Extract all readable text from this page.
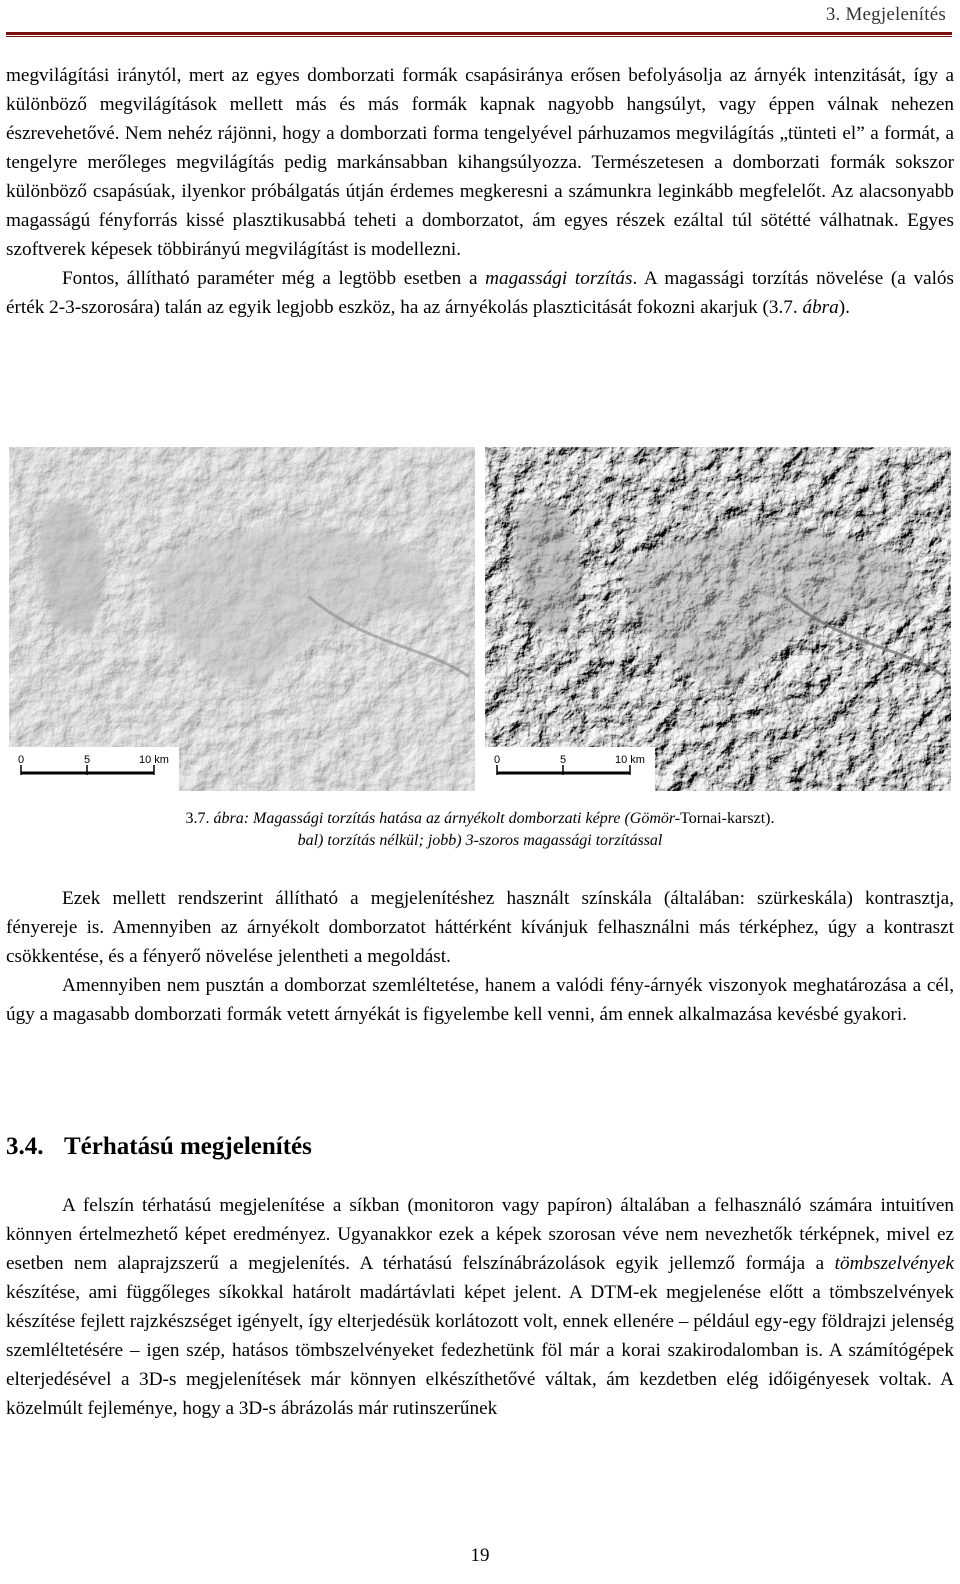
3. Megjelenítés

megvilágítási iránytól, mert az egyes domborzati formák csapásiránya erősen befolyásolja az árnyék intenzitását, így a különböző megvilágítások mellett más és más formák kapnak nagyobb hangsúlyt, vagy éppen válnak nehezen észrevehetővé. Nem nehéz rájönni, hogy a domborzati forma tengelyével párhuzamos megvilágítás „tünteti el” a formát, a tengelyre merőleges megvilágítás pedig markánsabban kihangsúlyozza. Természetesen a domborzati formák sokszor különböző csapásúak, ilyenkor próbálgatás útján érdemes megkeresni a számunkra leginkább megfelelőt. Az alacsonyabb magasságú fényforrás kissé plasztikusabbá teheti a domborzatot, ám egyes részek ezáltal túl sötétté válhatnak. Egyes szoftverek képesek többirányú megvilágítást is modellezni.

Fontos, állítható paraméter még a legtöbb esetben a magassági torzítás. A magassági torzítás növelése (a valós érték 2-3-szorosára) talán az egyik legjobb eszköz, ha az árnyékolás plaszticitását fokozni akarjuk (3.7. ábra).

0	5	10 km	0	5	10 km
3.7. ábra: Magassági torzítás hatása az árnyékolt domborzati képre (Gömör-Tornai-karszt).
bal) torzítás nélkül; jobb) 3-szoros magassági torzítással

Ezek mellett rendszerint állítható a megjelenítéshez használt színskála (általában: szürkeskála) kontrasztja, fényereje is. Amennyiben az árnyékolt domborzatot háttérként kívánjuk felhasználni más térképhez, úgy a kontraszt csökkentése, és a fényerő növelése jelentheti a megoldást.

Amennyiben nem pusztán a domborzat szemléltetése, hanem a valódi fény-árnyék viszonyok meghatározása a cél, úgy a magasabb domborzati formák vetett árnyékát is figyelembe kell venni, ám ennek alkalmazása kevésbé gyakori.

3.4. Térhatású megjelenítés

A felszín térhatású megjelenítése a síkban (monitoron vagy papíron) általában a felhasználó számára intuitíven könnyen értelmezhető képet eredményez. Ugyanakkor ezek a képek szorosan véve nem nevezhetők térképnek, mivel ez esetben nem alaprajzszerű a megjelenítés. A térhatású felszínábrázolások egyik jellemző formája a tömbszelvények készítése, ami függőleges síkokkal határolt madártávlati képet jelent. A DTM-ek megjelenése előtt a tömbszelvények készítése fejlett rajzkészséget igényelt, így elterjedésük korlátozott volt, ennek ellenére – például egy-egy földrajzi jelenség szemléltetésére – igen szép, hatásos tömbszelvényeket fedezhetünk föl már a korai szakirodalomban is. A számítógépek elterjedésével a 3D-s megjelenítések már könnyen elkészíthetővé váltak, ám kezdetben elég időigényesek voltak. A közelmúlt fejleménye, hogy a 3D-s ábrázolás már rutinszerűnek

19
